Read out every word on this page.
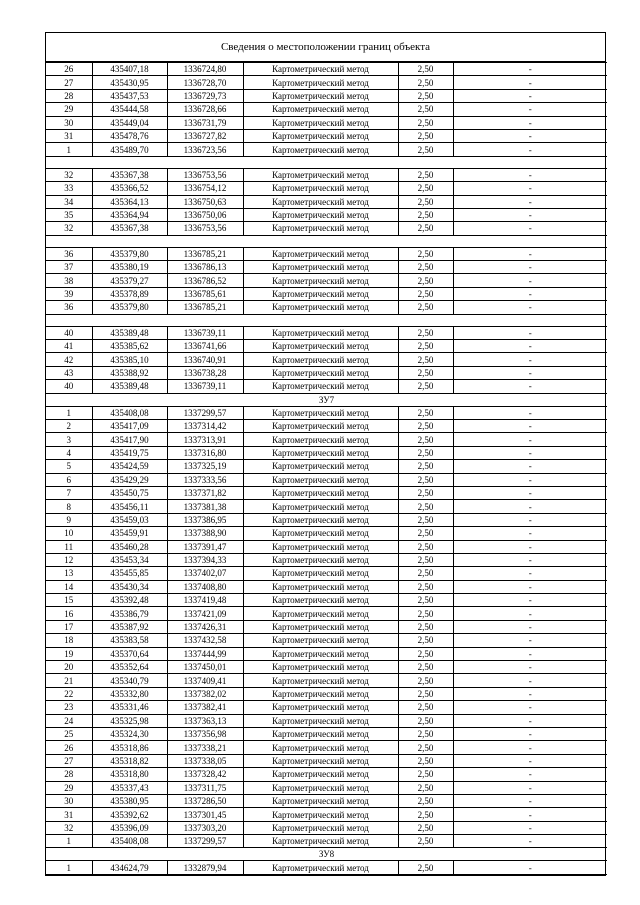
Сведения о местоположении границ объекта
26	435407,18	1336724,80	Картометрический метод	2,50	-
27	435430,95	1336728,70	Картометрический метод	2,50	-
28	435437,53	1336729,73	Картометрический метод	2,50	-
29	435444,58	1336728,66	Картометрический метод	2,50	-
30	435449,04	1336731,79	Картометрический метод	2,50	-
31	435478,76	1336727,82	Картометрический метод	2,50	-
1	435489,70	1336723,56	Картометрический метод	2,50	-

32	435367,38	1336753,56	Картометрический метод	2,50	-
33	435366,52	1336754,12	Картометрический метод	2,50	-
34	435364,13	1336750,63	Картометрический метод	2,50	-
35	435364,94	1336750,06	Картометрический метод	2,50	-
32	435367,38	1336753,56	Картометрический метод	2,50	-

36	435379,80	1336785,21	Картометрический метод	2,50	-
37	435380,19	1336786,13	Картометрический метод	2,50	-
38	435379,27	1336786,52	Картометрический метод	2,50	-
39	435378,89	1336785,61	Картометрический метод	2,50	-
36	435379,80	1336785,21	Картометрический метод	2,50	-

40	435389,48	1336739,11	Картометрический метод	2,50	-
41	435385,62	1336741,66	Картометрический метод	2,50	-
42	435385,10	1336740,91	Картометрический метод	2,50	-
43	435388,92	1336738,28	Картометрический метод	2,50	-
40	435389,48	1336739,11	Картометрический метод	2,50	-
ЗУ7					
1	435408,08	1337299,57	Картометрический метод	2,50	-
2	435417,09	1337314,42	Картометрический метод	2,50	-
3	435417,90	1337313,91	Картометрический метод	2,50	-
4	435419,75	1337316,80	Картометрический метод	2,50	-
5	435424,59	1337325,19	Картометрический метод	2,50	-
6	435429,29	1337333,56	Картометрический метод	2,50	-
7	435450,75	1337371,82	Картометрический метод	2,50	-
8	435456,11	1337381,38	Картометрический метод	2,50	-
9	435459,03	1337386,95	Картометрический метод	2,50	-
10	435459,91	1337388,90	Картометрический метод	2,50	-
11	435460,28	1337391,47	Картометрический метод	2,50	-
12	435453,34	1337394,33	Картометрический метод	2,50	-
13	435455,85	1337402,07	Картометрический метод	2,50	-
14	435430,34	1337408,80	Картометрический метод	2,50	-
15	435392,48	1337419,48	Картометрический метод	2,50	-
16	435386,79	1337421,09	Картометрический метод	2,50	-
17	435387,92	1337426,31	Картометрический метод	2,50	-
18	435383,58	1337432,58	Картометрический метод	2,50	-
19	435370,64	1337444,99	Картометрический метод	2,50	-
20	435352,64	1337450,01	Картометрический метод	2,50	-
21	435340,79	1337409,41	Картометрический метод	2,50	-
22	435332,80	1337382,02	Картометрический метод	2,50	-
23	435331,46	1337382,41	Картометрический метод	2,50	-
24	435325,98	1337363,13	Картометрический метод	2,50	-
25	435324,30	1337356,98	Картометрический метод	2,50	-
26	435318,86	1337338,21	Картометрический метод	2,50	-
27	435318,82	1337338,05	Картометрический метод	2,50	-
28	435318,80	1337328,42	Картометрический метод	2,50	-
29	435337,43	1337311,75	Картометрический метод	2,50	-
30	435380,95	1337286,50	Картометрический метод	2,50	-
31	435392,62	1337301,45	Картометрический метод	2,50	-
32	435396,09	1337303,20	Картометрический метод	2,50	-
1	435408,08	1337299,57	Картометрический метод	2,50	-
ЗУ8					
1	434624,79	1332879,94	Картометрический метод	2,50	-
